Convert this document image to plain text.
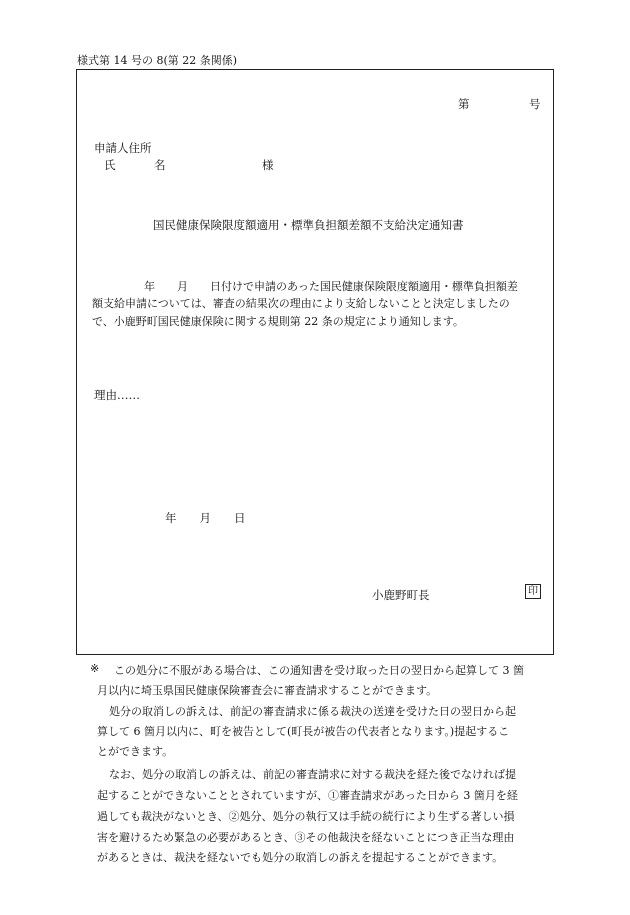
様式第 14 号の 8(第 22 条関係)
第	号
申請人住所
氏	名	様
国民健康保険限度額適用・標準負担額差額不支給決定通知書
年　　月　　日付けで申請のあった国民健康保険限度額適用・標準負担額差
額支給申請については、審査の結果次の理由により支給しないことと決定しましたの
で、小鹿野町国民健康保険に関する規則第 22 条の規定により通知します。
理由……
年　　月　　日
小鹿野町長	印
※ この処分に不服がある場合は、この通知書を受け取った日の翌日から起算して 3 箇
月以内に埼玉県国民健康保険審査会に審査請求することができます。
処分の取消しの訴えは、前記の審査請求に係る裁決の送達を受けた日の翌日から起
算して 6 箇月以内に、町を被告として(町長が被告の代表者となります。)提起するこ
とができます。
なお、処分の取消しの訴えは、前記の審査請求に対する裁決を経た後でなければ提
起することができないこととされていますが、①審査請求があった日から 3 箇月を経
過しても裁決がないとき、②処分、処分の執行又は手続の続行により生ずる著しい損
害を避けるため緊急の必要があるとき、③その他裁決を経ないことにつき正当な理由
があるときは、裁決を経ないでも処分の取消しの訴えを提起することができます。
